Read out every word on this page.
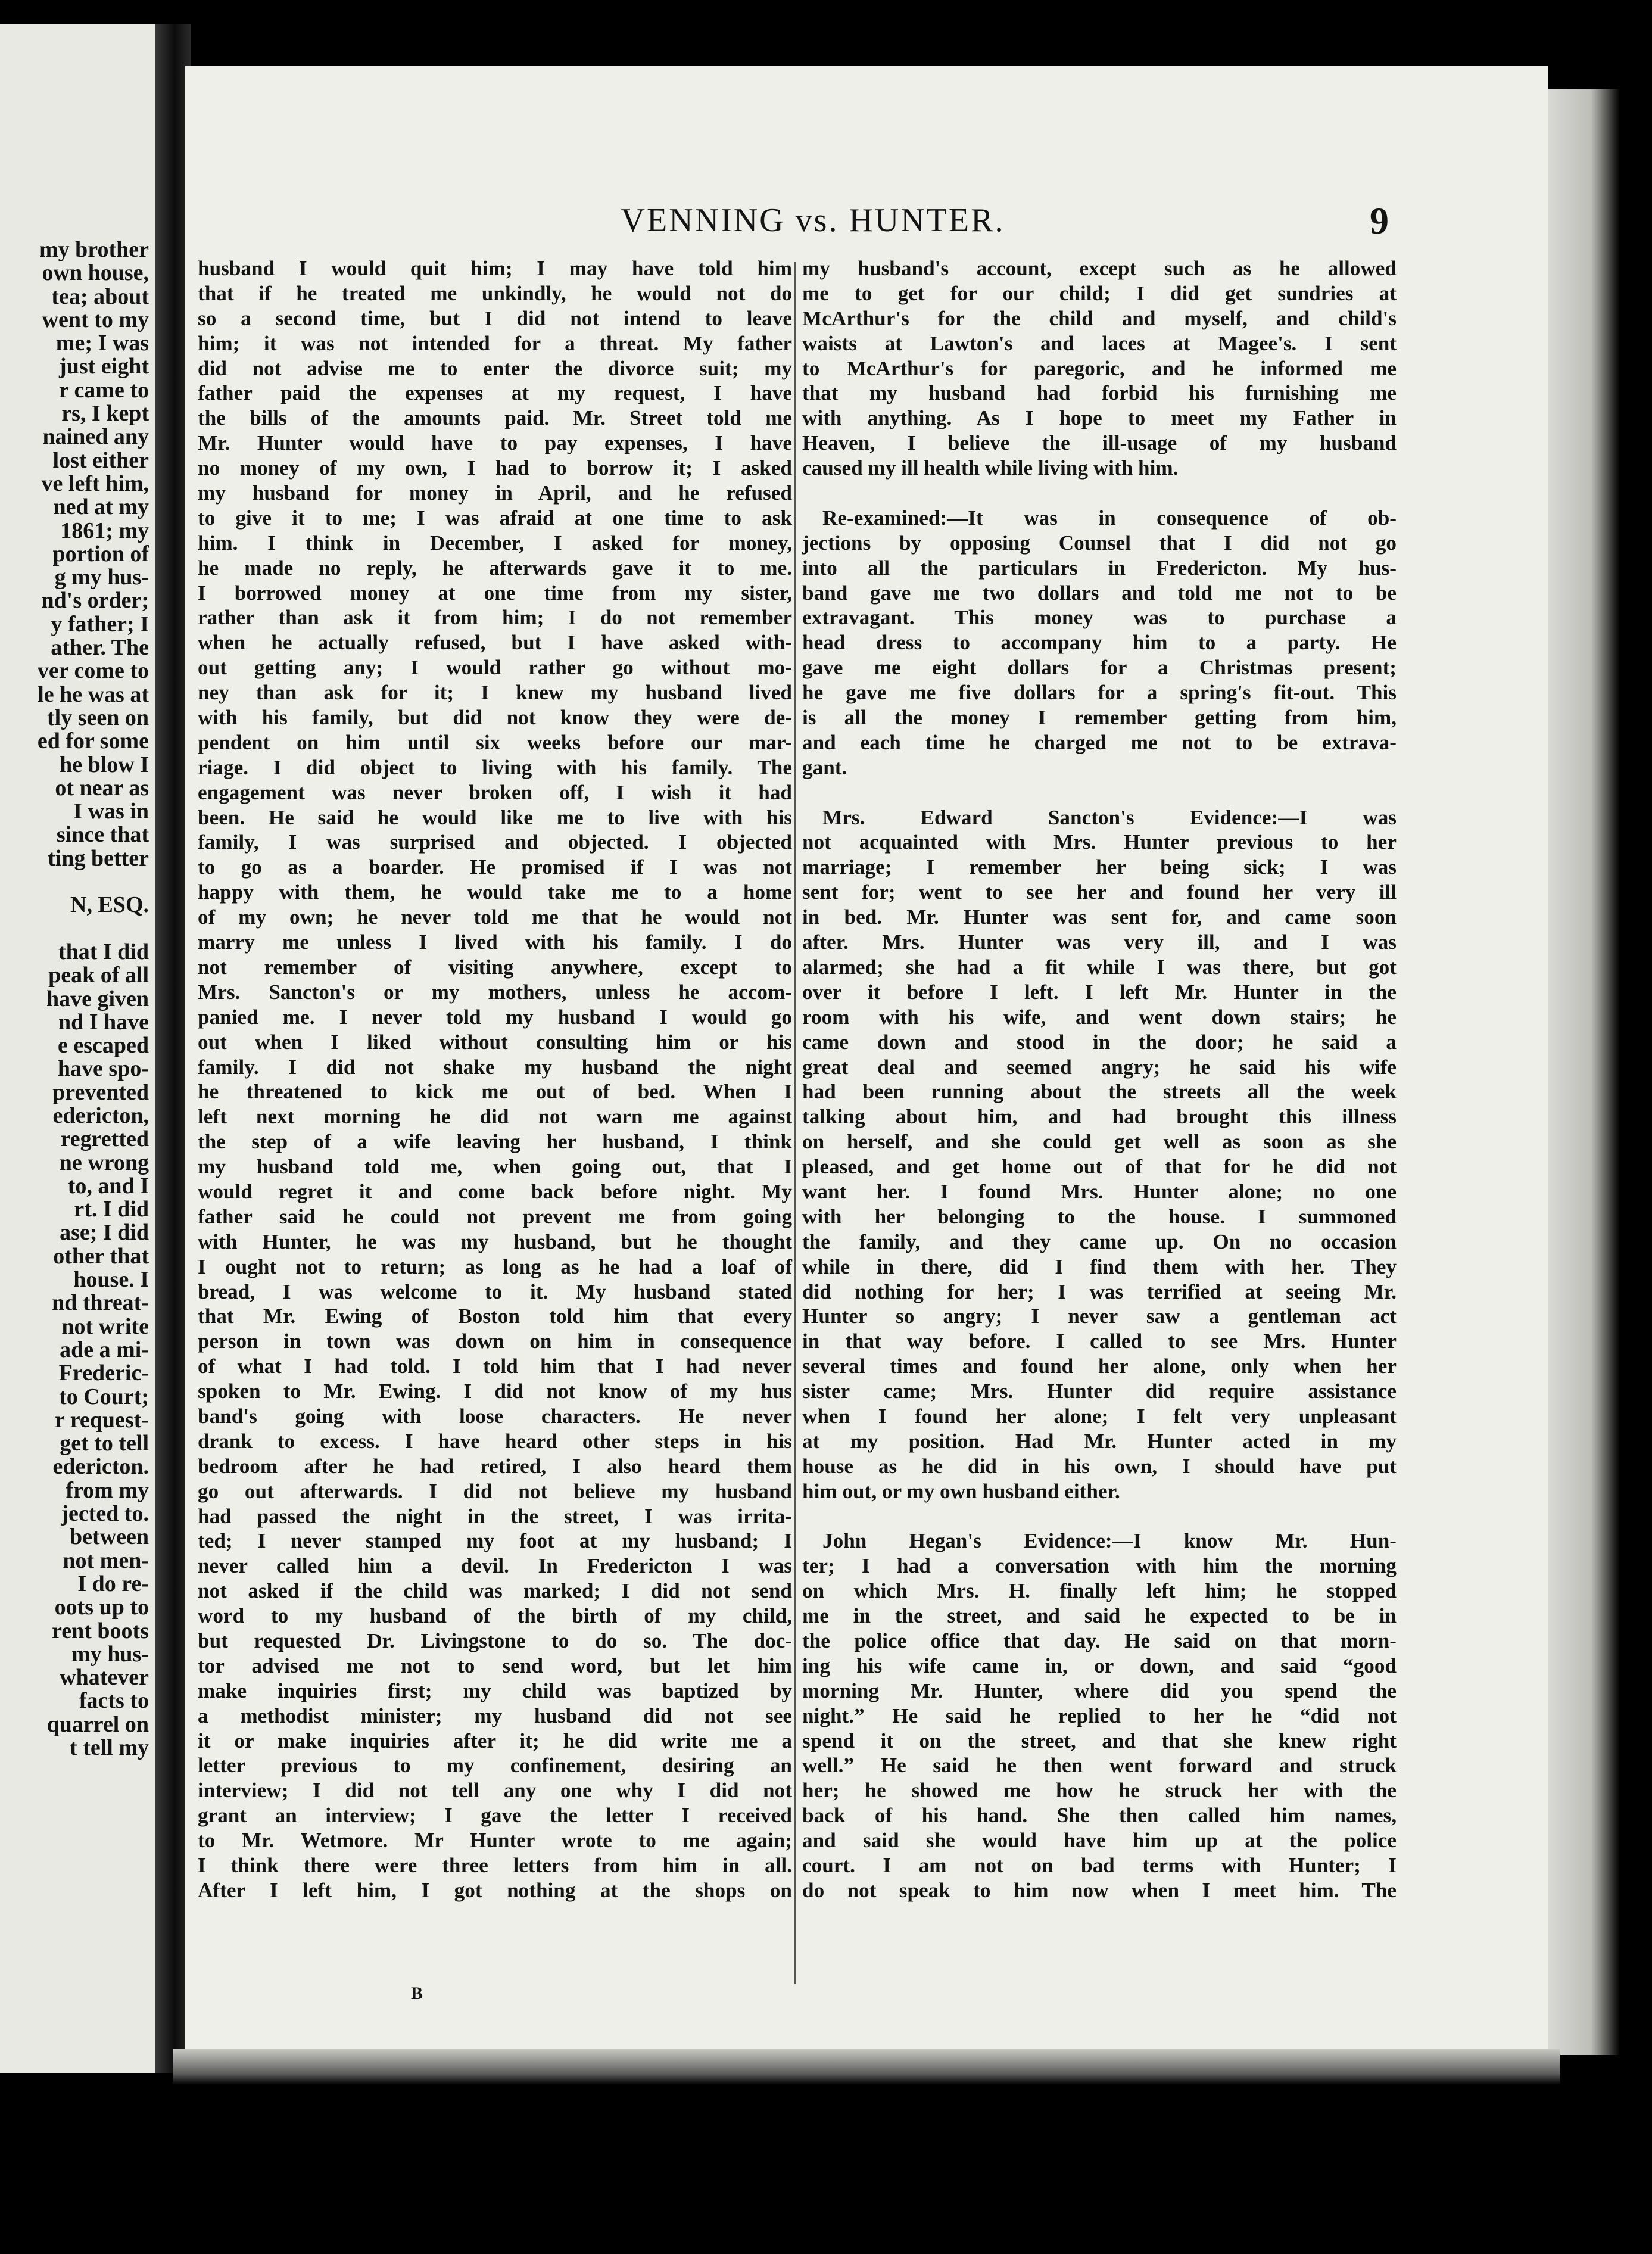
my brother
own house,
tea; about
went to my
me; I was
just eight
r came to
rs, I kept
nained any
lost either
ve left him,
ned at my
1861; my
portion of
g my hus-
nd's order;
y father; I
ather. The
ver come to
le he was at
tly seen on
ed for some
he blow I
ot near as
I was in
since that
ting better
N, ESQ.
that I did
peak of all
have given
nd I have
e escaped
have spo-
prevented
edericton,
regretted
ne wrong
to, and I
rt. I did
ase; I did
other that
house. I
nd threat-
not write
ade a mi-
Frederic-
to Court;
r request-
get to tell
edericton.
from my
jected to.
between
not men-
I do re-
oots up to
rent boots
my hus-
whatever
facts to
quarrel on
t tell my
VENNING vs. HUNTER.	9
husband I would quit him; I may have told him
that if he treated me unkindly, he would not do
so a second time, but I did not intend to leave
him; it was not intended for a threat. My father
did not advise me to enter the divorce suit; my
father paid the expenses at my request, I have
the bills of the amounts paid. Mr. Street told me
Mr. Hunter would have to pay expenses, I have
no money of my own, I had to borrow it; I asked
my husband for money in April, and he refused
to give it to me; I was afraid at one time to ask
him. I think in December, I asked for money,
he made no reply, he afterwards gave it to me.
I borrowed money at one time from my sister,
rather than ask it from him; I do not remember
when he actually refused, but I have asked with-
out getting any; I would rather go without mo-
ney than ask for it; I knew my husband lived
with his family, but did not know they were de-
pendent on him until six weeks before our mar-
riage. I did object to living with his family. The
engagement was never broken off, I wish it had
been. He said he would like me to live with his
family, I was surprised and objected. I objected
to go as a boarder. He promised if I was not
happy with them, he would take me to a home
of my own; he never told me that he would not
marry me unless I lived with his family. I do
not remember of visiting anywhere, except to
Mrs. Sancton's or my mothers, unless he accom-
panied me. I never told my husband I would go
out when I liked without consulting him or his
family. I did not shake my husband the night
he threatened to kick me out of bed. When I
left next morning he did not warn me against
the step of a wife leaving her husband, I think
my husband told me, when going out, that I
would regret it and come back before night. My
father said he could not prevent me from going
with Hunter, he was my husband, but he thought
I ought not to return; as long as he had a loaf of
bread, I was welcome to it. My husband stated
that Mr. Ewing of Boston told him that every
person in town was down on him in consequence
of what I had told. I told him that I had never
spoken to Mr. Ewing. I did not know of my hus
band's going with loose characters. He never
drank to excess. I have heard other steps in his
bedroom after he had retired, I also heard them
go out afterwards. I did not believe my husband
had passed the night in the street, I was irrita-
ted; I never stamped my foot at my husband; I
never called him a devil. In Fredericton I was
not asked if the child was marked; I did not send
word to my husband of the birth of my child,
but requested Dr. Livingstone to do so. The doc-
tor advised me not to send word, but let him
make inquiries first; my child was baptized by
a methodist minister; my husband did not see
it or make inquiries after it; he did write me a
letter previous to my confinement, desiring an
interview; I did not tell any one why I did not
grant an interview; I gave the letter I received
to Mr. Wetmore. Mr Hunter wrote to me again;
I think there were three letters from him in all.
After I left him, I got nothing at the shops on
my husband's account, except such as he allowed
me to get for our child; I did get sundries at
McArthur's for the child and myself, and child's
waists at Lawton's and laces at Magee's. I sent
to McArthur's for paregoric, and he informed me
that my husband had forbid his furnishing me
with anything. As I hope to meet my Father in
Heaven, I believe the ill-usage of my husband
caused my ill health while living with him.
Re-examined:—It was in consequence of ob-
jections by opposing Counsel that I did not go
into all the particulars in Fredericton. My hus-
band gave me two dollars and told me not to be
extravagant. This money was to purchase a
head dress to accompany him to a party. He
gave me eight dollars for a Christmas present;
he gave me five dollars for a spring's fit-out. This
is all the money I remember getting from him,
and each time he charged me not to be extrava-
gant.
Mrs. Edward Sancton's Evidence:—I was
not acquainted with Mrs. Hunter previous to her
marriage; I remember her being sick; I was
sent for; went to see her and found her very ill
in bed. Mr. Hunter was sent for, and came soon
after. Mrs. Hunter was very ill, and I was
alarmed; she had a fit while I was there, but got
over it before I left. I left Mr. Hunter in the
room with his wife, and went down stairs; he
came down and stood in the door; he said a
great deal and seemed angry; he said his wife
had been running about the streets all the week
talking about him, and had brought this illness
on herself, and she could get well as soon as she
pleased, and get home out of that for he did not
want her. I found Mrs. Hunter alone; no one
with her belonging to the house. I summoned
the family, and they came up. On no occasion
while in there, did I find them with her. They
did nothing for her; I was terrified at seeing Mr.
Hunter so angry; I never saw a gentleman act
in that way before. I called to see Mrs. Hunter
several times and found her alone, only when her
sister came; Mrs. Hunter did require assistance
when I found her alone; I felt very unpleasant
at my position. Had Mr. Hunter acted in my
house as he did in his own, I should have put
him out, or my own husband either.
John Hegan's Evidence:—I know Mr. Hun-
ter; I had a conversation with him the morning
on which Mrs. H. finally left him; he stopped
me in the street, and said he expected to be in
the police office that day. He said on that morn-
ing his wife came in, or down, and said “good
morning Mr. Hunter, where did you spend the
night.” He said he replied to her he “did not
spend it on the street, and that she knew right
well.” He said he then went forward and struck
her; he showed me how he struck her with the
back of his hand. She then called him names,
and said she would have him up at the police
court. I am not on bad terms with Hunter; I
do not speak to him now when I meet him. The
B
